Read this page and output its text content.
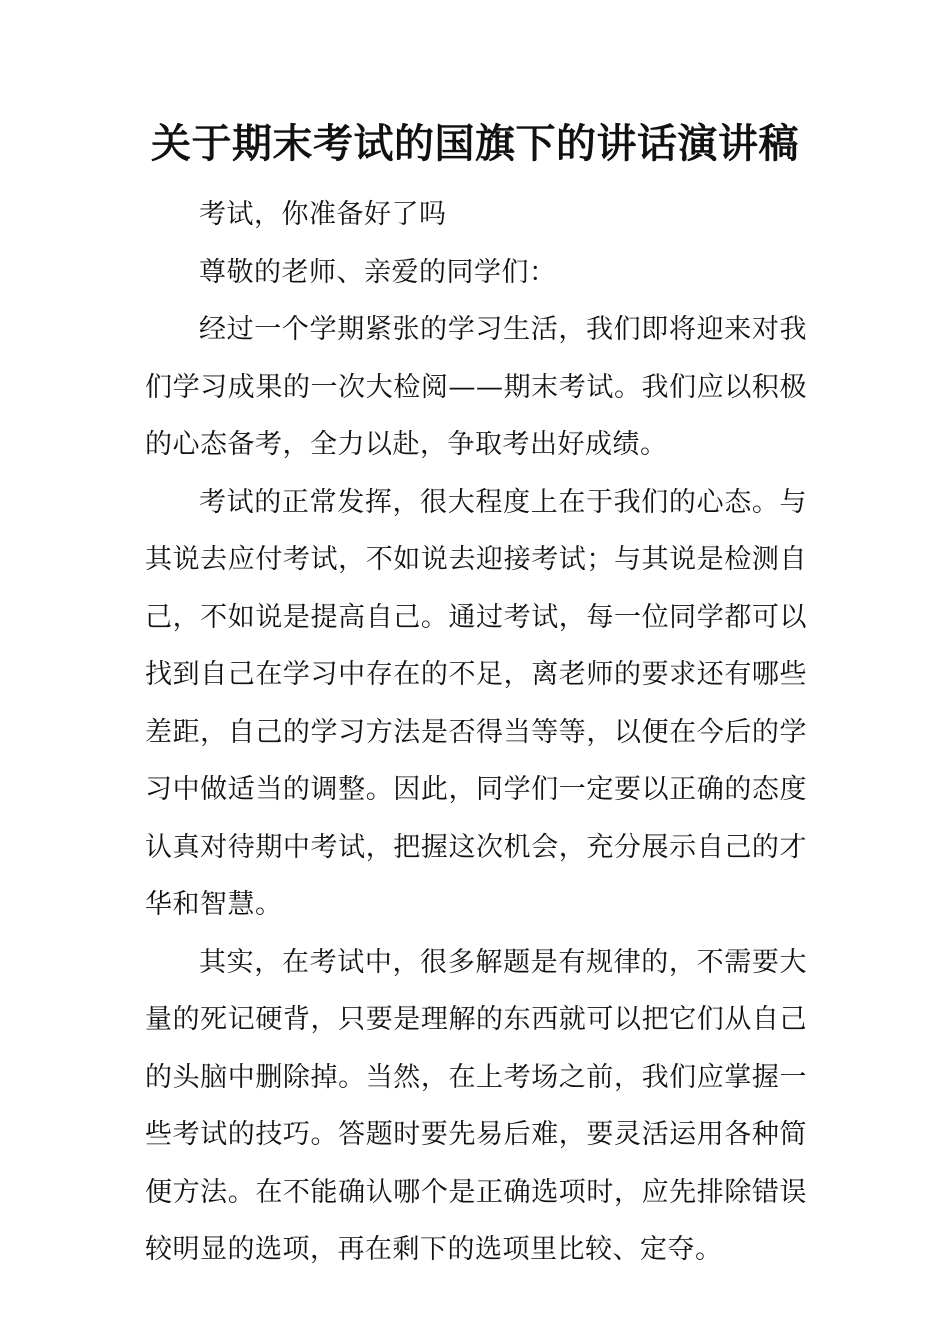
关于期末考试的国旗下的讲话演讲稿

考试，你准备好了吗

尊敬的老师、亲爱的同学们：

经过一个学期紧张的学习生活，我们即将迎来对我们学习成果的一次大检阅——期末考试。我们应以积极的心态备考，全力以赴，争取考出好成绩。

考试的正常发挥，很大程度上在于我们的心态。与其说去应付考试，不如说去迎接考试；与其说是检测自己，不如说是提高自己。通过考试，每一位同学都可以找到自己在学习中存在的不足，离老师的要求还有哪些差距，自己的学习方法是否得当等等，以便在今后的学习中做适当的调整。因此，同学们一定要以正确的态度认真对待期中考试，把握这次机会，充分展示自己的才华和智慧。

其实，在考试中，很多解题是有规律的，不需要大量的死记硬背，只要是理解的东西就可以把它们从自己的头脑中删除掉。当然，在上考场之前，我们应掌握一些考试的技巧。答题时要先易后难，要灵活运用各种简便方法。在不能确认哪个是正确选项时，应先排除错误较明显的选项，再在剩下的选项里比较、定夺。
